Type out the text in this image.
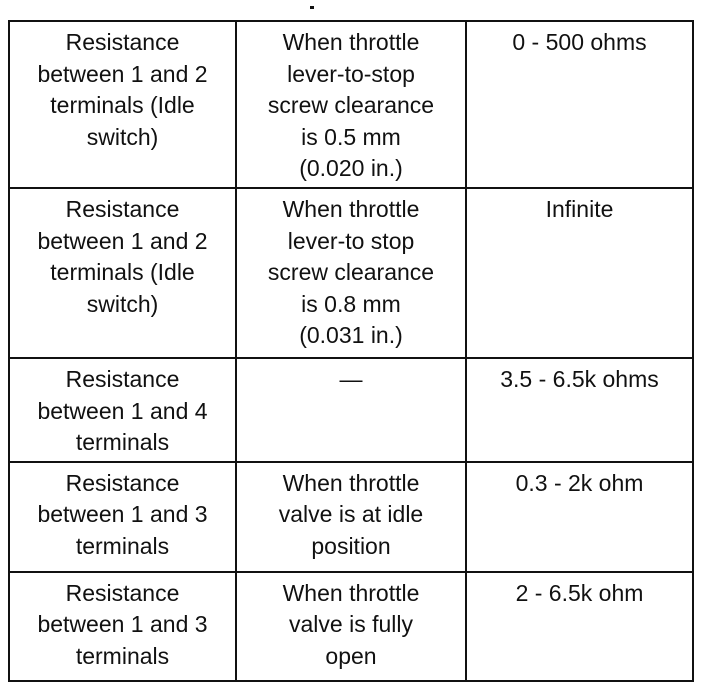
Resistance
between 1 and 2
terminals (Idle
switch)	When throttle
lever-to-stop
screw clearance
is 0.5 mm
(0.020 in.)	0 - 500 ohms
Resistance
between 1 and 2
terminals (Idle
switch)	When throttle
lever-to stop
screw clearance
is 0.8 mm
(0.031 in.)	Infinite
Resistance
between 1 and 4
terminals	—	3.5 - 6.5k ohms
Resistance
between 1 and 3
terminals	When throttle
valve is at idle
position	0.3 - 2k ohm
Resistance
between 1 and 3
terminals	When throttle
valve is fully
open	2 - 6.5k ohm
